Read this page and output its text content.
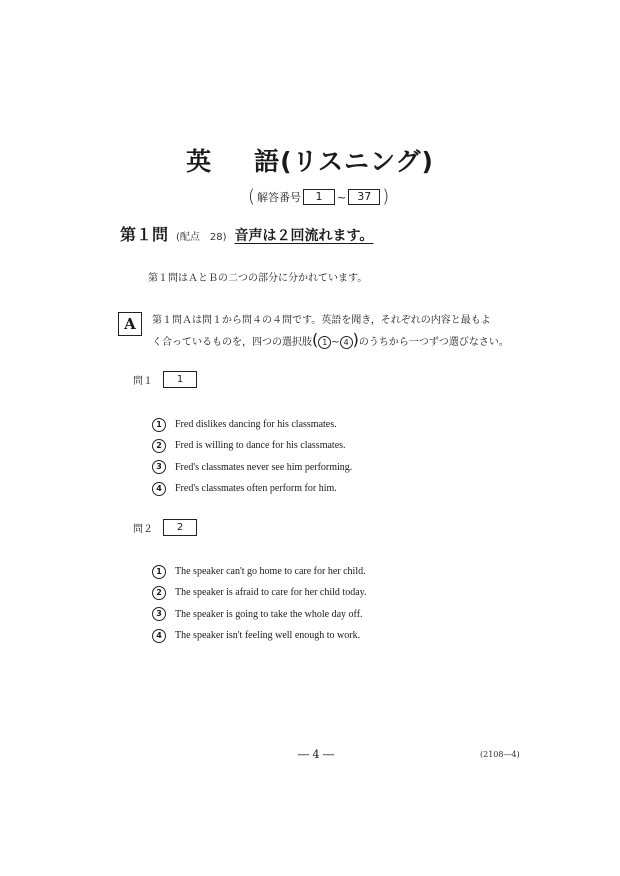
英 語(リスニング)
( 解答番号	1	~	37 )
第１問 (配点　28) 音声は２回流れます。
第１問はＡとＢの二つの部分に分かれています。
A	第１問Ａは問１から問４の４問です。英語を聞き，それぞれの内容と最もよ
く合っているものを，四つの選択肢( 1 ~ 4 )のうちから一つずつ選びなさい。
問１	1
1	Fred dislikes dancing for his classmates.
2	Fred is willing to dance for his classmates.
3	Fred's classmates never see him performing.
4	Fred's classmates often perform for him.
問２	2
1	The speaker can't go home to care for her child.
2	The speaker is afraid to care for her child today.
3	The speaker is going to take the whole day off.
4	The speaker isn't feeling well enough to work.
― 4 ―	(2108―4)
